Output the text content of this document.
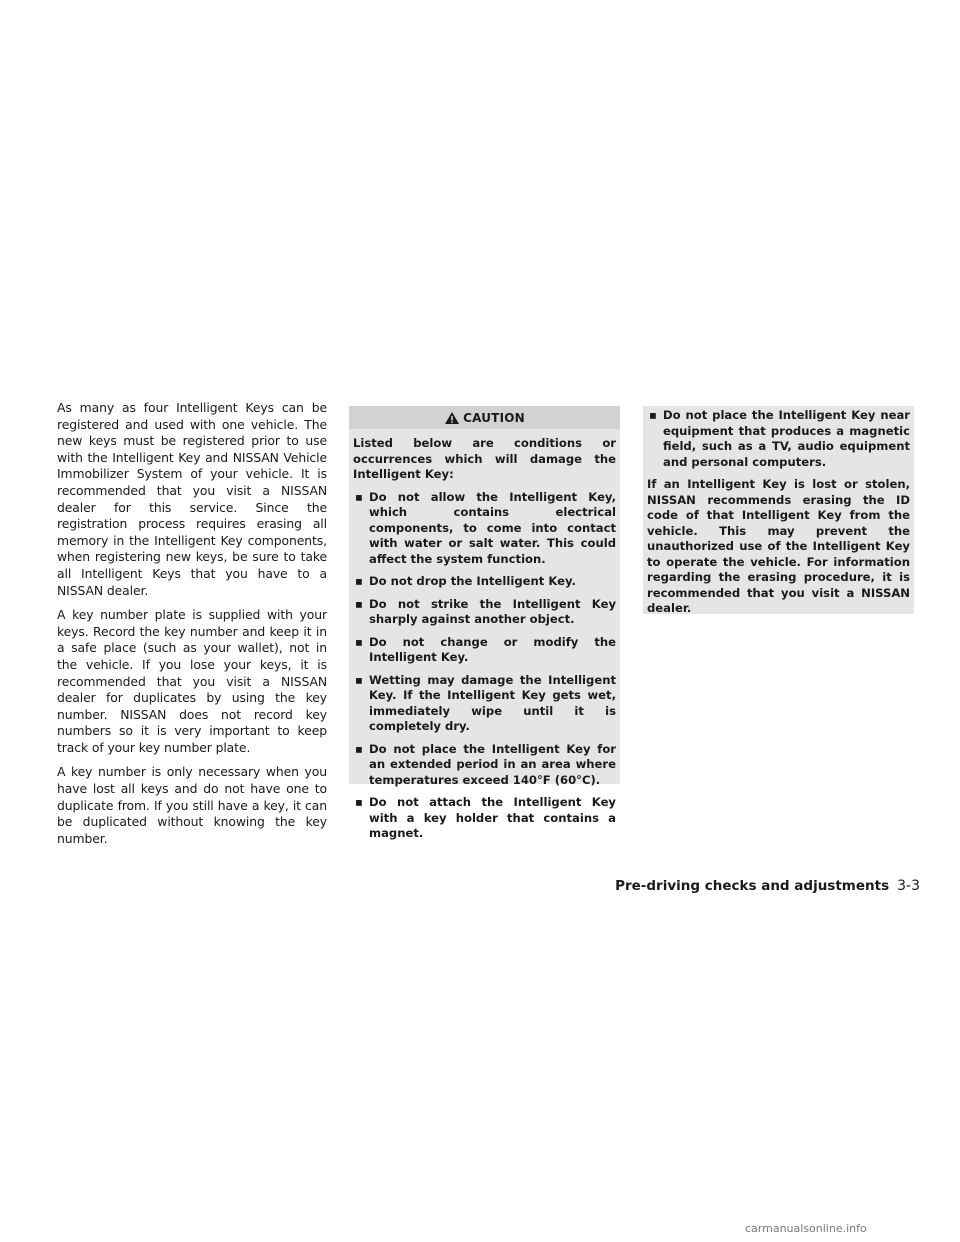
As many as four Intelligent Keys can be registered and used with one vehicle. The new keys must be registered prior to use with the Intelligent Key and NISSAN Vehicle Immobilizer System of your vehicle. It is recommended that you visit a NISSAN dealer for this service. Since the registration process requires erasing all memory in the Intelligent Key components, when registering new keys, be sure to take all Intelligent Keys that you have to a NISSAN dealer.

A key number plate is supplied with your keys. Record the key number and keep it in a safe place (such as your wallet), not in the vehicle. If you lose your keys, it is recommended that you visit a NISSAN dealer for duplicates by using the key number. NISSAN does not record key numbers so it is very important to keep track of your key number plate.

A key number is only necessary when you have lost all keys and do not have one to duplicate from. If you still have a key, it can be duplicated without knowing the key number.

CAUTION

Listed below are conditions or occurrences which will damage the Intelligent Key:

▪ Do not allow the Intelligent Key, which contains electrical components, to come into contact with water or salt water. This could affect the system function.

▪ Do not drop the Intelligent Key.

▪ Do not strike the Intelligent Key sharply against another object.

▪ Do not change or modify the Intelligent Key.

▪ Wetting may damage the Intelligent Key. If the Intelligent Key gets wet, immediately wipe until it is completely dry.

▪ Do not place the Intelligent Key for an extended period in an area where temperatures exceed 140°F (60°C).

▪ Do not attach the Intelligent Key with a key holder that contains a magnet.

▪ Do not place the Intelligent Key near equipment that produces a magnetic field, such as a TV, audio equipment and personal computers.

If an Intelligent Key is lost or stolen, NISSAN recommends erasing the ID code of that Intelligent Key from the vehicle. This may prevent the unauthorized use of the Intelligent Key to operate the vehicle. For information regarding the erasing procedure, it is recommended that you visit a NISSAN dealer.

Pre-driving checks and adjustments 3-3
carmanualsonline.info
